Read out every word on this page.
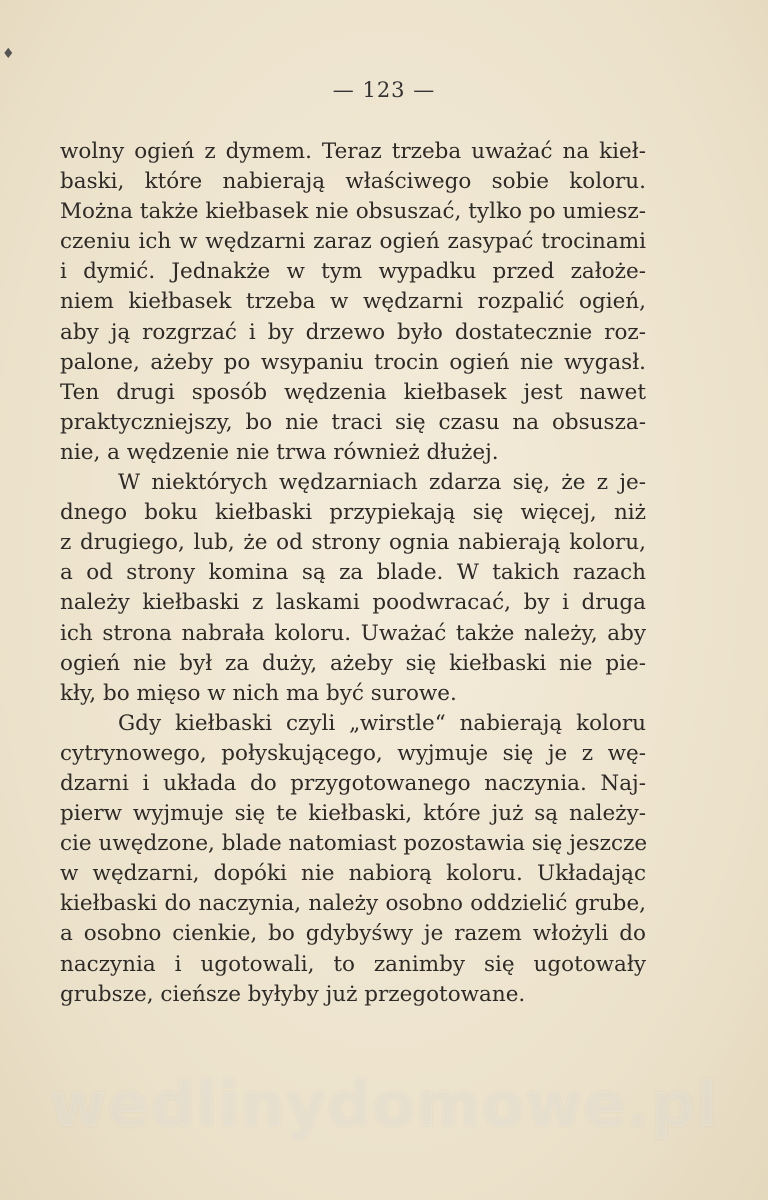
♦
— 123 —
wolny ogień z dymem. Teraz trzeba uważać na kieł-
baski, które nabierają właściwego sobie koloru.
Można także kiełbasek nie obsuszać, tylko po umiesz-
czeniu ich w wędzarni zaraz ogień zasypać trocinami
i dymić. Jednakże w tym wypadku przed założe-
niem kiełbasek trzeba w wędzarni rozpalić ogień,
aby ją rozgrzać i by drzewo było dostatecznie roz-
palone, ażeby po wsypaniu trocin ogień nie wygasł.
Ten drugi sposób wędzenia kiełbasek jest nawet
praktyczniejszy, bo nie traci się czasu na obsusza-
nie, a wędzenie nie trwa również dłużej.
W niektórych wędzarniach zdarza się, że z je-
dnego boku kiełbaski przypiekają się więcej, niż
z drugiego, lub, że od strony ognia nabierają koloru,
a od strony komina są za blade. W takich razach
należy kiełbaski z laskami poodwracać, by i druga
ich strona nabrała koloru. Uważać także należy, aby
ogień nie był za duży, ażeby się kiełbaski nie pie-
kły, bo mięso w nich ma być surowe.
Gdy kiełbaski czyli „wirstle“ nabierają koloru
cytrynowego, połyskującego, wyjmuje się je z wę-
dzarni i układa do przygotowanego naczynia. Naj-
pierw wyjmuje się te kiełbaski, które już są należy-
cie uwędzone, blade natomiast pozostawia się jeszcze
w wędzarni, dopóki nie nabiorą koloru. Układając
kiełbaski do naczynia, należy osobno oddzielić grube,
a osobno cienkie, bo gdybyśwy je razem włożyli do
naczynia i ugotowali, to zanimby się ugotowały
grubsze, cieńsze byłyby już przegotowane.
wedlinydomowe.pl
